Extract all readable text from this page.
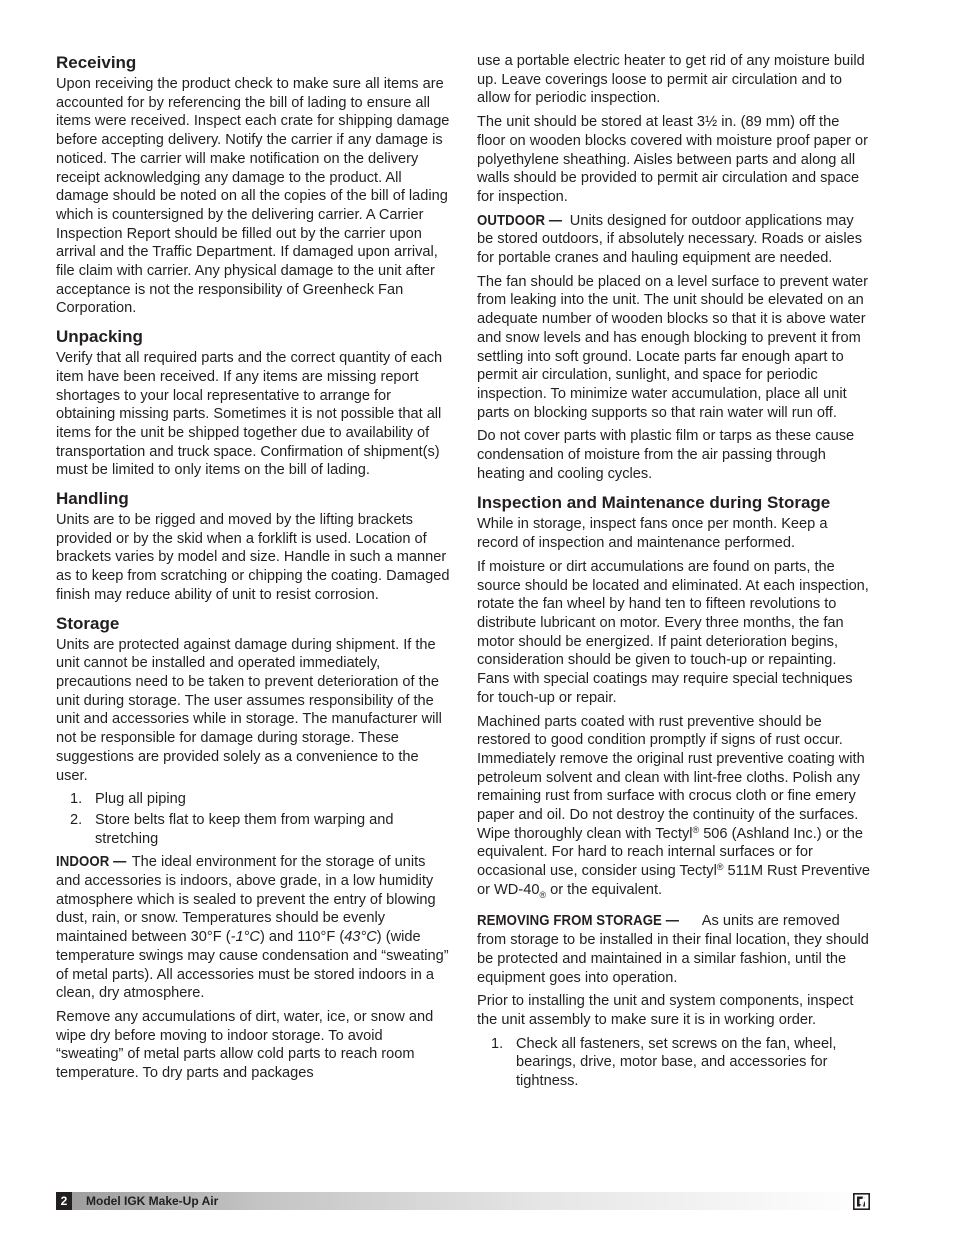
Receiving

Upon receiving the product check to make sure all items are accounted for by referencing the bill of lading to ensure all items were received. Inspect each crate for shipping damage before accepting delivery. Notify the carrier if any damage is noticed. The carrier will make notification on the delivery receipt acknowledging any damage to the product. All damage should be noted on all the copies of the bill of lading which is countersigned by the delivering carrier. A Carrier Inspection Report should be filled out by the carrier upon arrival and the Traffic Department. If damaged upon arrival, file claim with carrier. Any physical damage to the unit after acceptance is not the responsibility of Greenheck Fan Corporation.

Unpacking

Verify that all required parts and the correct quantity of each item have been received. If any items are missing report shortages to your local representative to arrange for obtaining missing parts. Sometimes it is not possible that all items for the unit be shipped together due to availability of transportation and truck space. Confirmation of shipment(s) must be limited to only items on the bill of lading.

Handling

Units are to be rigged and moved by the lifting brackets provided or by the skid when a forklift is used. Location of brackets varies by model and size. Handle in such a manner as to keep from scratching or chipping the coating. Damaged finish may reduce ability of unit to resist corrosion.

Storage

Units are protected against damage during shipment. If the unit cannot be installed and operated immediately, precautions need to be taken to prevent deterioration of the unit during storage. The user assumes responsibility of the unit and accessories while in storage. The manufacturer will not be responsible for damage during storage. These suggestions are provided solely as a convenience to the user.

1. Plug all piping
2. Store belts flat to keep them from warping and stretching

INDOOR — The ideal environment for the storage of units and accessories is indoors, above grade, in a low humidity atmosphere which is sealed to prevent the entry of blowing dust, rain, or snow. Temperatures should be evenly maintained between 30°F (-1°C) and 110°F (43°C) (wide temperature swings may cause condensation and “sweating” of metal parts). All accessories must be stored indoors in a clean, dry atmosphere.

Remove any accumulations of dirt, water, ice, or snow and wipe dry before moving to indoor storage. To avoid “sweating” of metal parts allow cold parts to reach room temperature. To dry parts and packages

use a portable electric heater to get rid of any moisture build up. Leave coverings loose to permit air circulation and to allow for periodic inspection.

The unit should be stored at least 3½ in. (89 mm) off the floor on wooden blocks covered with moisture proof paper or polyethylene sheathing. Aisles between parts and along all walls should be provided to permit air circulation and space for inspection.

OUTDOOR — Units designed for outdoor applications may be stored outdoors, if absolutely necessary. Roads or aisles for portable cranes and hauling equipment are needed.

The fan should be placed on a level surface to prevent water from leaking into the unit. The unit should be elevated on an adequate number of wooden blocks so that it is above water and snow levels and has enough blocking to prevent it from settling into soft ground. Locate parts far enough apart to permit air circulation, sunlight, and space for periodic inspection. To minimize water accumulation, place all unit parts on blocking supports so that rain water will run off.

Do not cover parts with plastic film or tarps as these cause condensation of moisture from the air passing through heating and cooling cycles.

Inspection and Maintenance during Storage

While in storage, inspect fans once per month. Keep a record of inspection and maintenance performed.

If moisture or dirt accumulations are found on parts, the source should be located and eliminated. At each inspection, rotate the fan wheel by hand ten to fifteen revolutions to distribute lubricant on motor. Every three months, the fan motor should be energized. If paint deterioration begins, consideration should be given to touch-up or repainting. Fans with special coatings may require special techniques for touch-up or repair.

Machined parts coated with rust preventive should be restored to good condition promptly if signs of rust occur. Immediately remove the original rust preventive coating with petroleum solvent and clean with lint-free cloths. Polish any remaining rust from surface with crocus cloth or fine emery paper and oil. Do not destroy the continuity of the surfaces. Wipe thoroughly clean with Tectyl® 506 (Ashland Inc.) or the equivalent. For hard to reach internal surfaces or for occasional use, consider using Tectyl® 511M Rust Preventive or $WD-40_®$ or the equivalent.

REMOVING FROM STORAGE — As units are removed from storage to be installed in their final location, they should be protected and maintained in a similar fashion, until the equipment goes into operation.

Prior to installing the unit and system components, inspect the unit assembly to make sure it is in working order.

1. Check all fasteners, set screws on the fan, wheel, bearings, drive, motor base, and accessories for tightness.
2	Model IGK Make-Up Air
